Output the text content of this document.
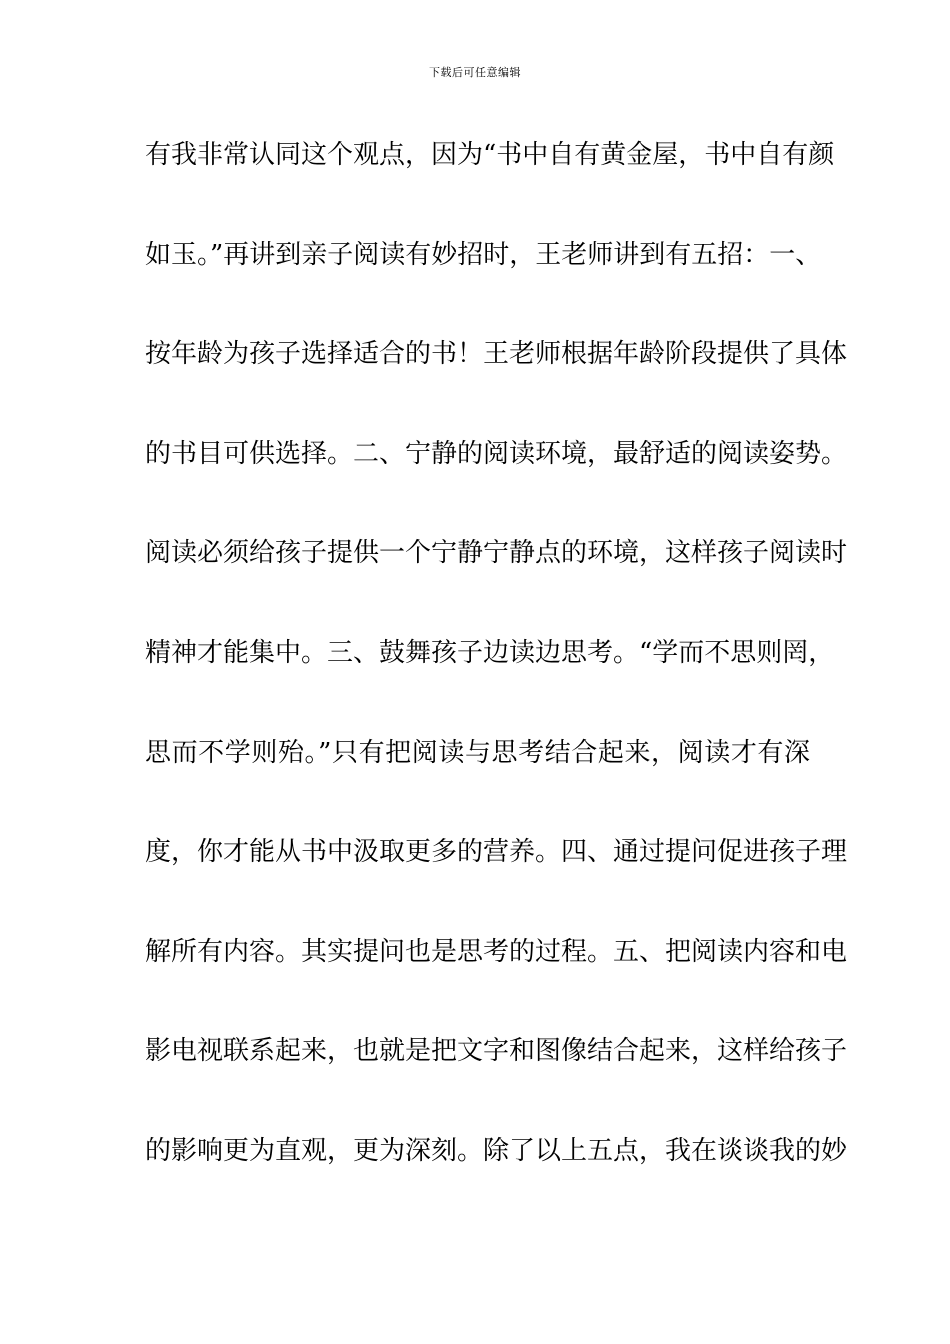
下载后可任意编辑
有我非常认同这个观点，因为“书中自有黄金屋，书中自有颜
如玉。”再讲到亲子阅读有妙招时，王老师讲到有五招：一、
按年龄为孩子选择适合的书！王老师根据年龄阶段提供了具体
的书目可供选择。二、宁静的阅读环境，最舒适的阅读姿势。
阅读必须给孩子提供一个宁静宁静点的环境，这样孩子阅读时
精神才能集中。三、鼓舞孩子边读边思考。“学而不思则罔，
思而不学则殆。”只有把阅读与思考结合起来，阅读才有深
度，你才能从书中汲取更多的营养。四、通过提问促进孩子理
解所有内容。其实提问也是思考的过程。五、把阅读内容和电
影电视联系起来，也就是把文字和图像结合起来，这样给孩子
的影响更为直观，更为深刻。除了以上五点，我在谈谈我的妙
